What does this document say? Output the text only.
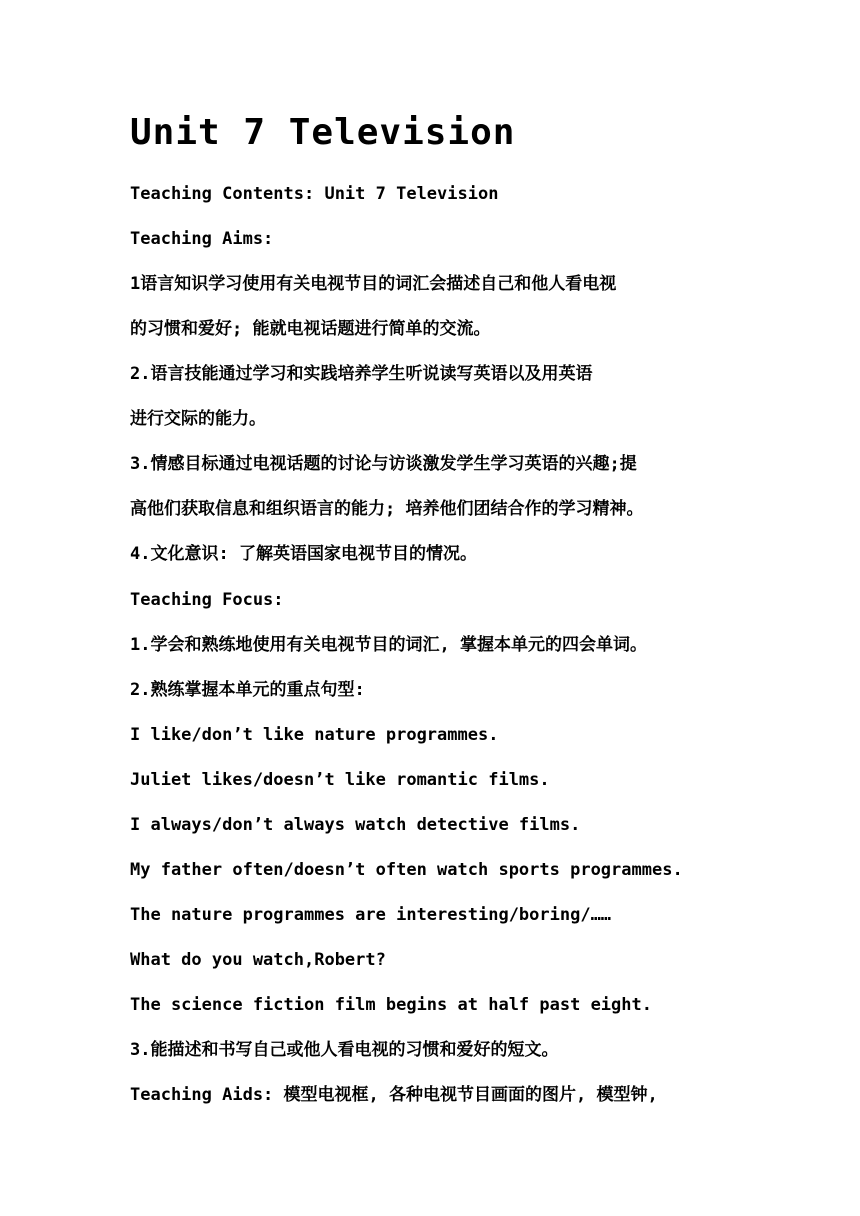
Unit 7 Television

Teaching Contents: Unit 7 Television

Teaching Aims:

1语言知识学习使用有关电视节目的词汇会描述自己和他人看电视

的习惯和爱好; 能就电视话题进行简单的交流。

2.语言技能通过学习和实践培养学生听说读写英语以及用英语

进行交际的能力。

3.情感目标通过电视话题的讨论与访谈激发学生学习英语的兴趣;提

高他们获取信息和组织语言的能力; 培养他们团结合作的学习精神。

4.文化意识: 了解英语国家电视节目的情况。

Teaching Focus:

1.学会和熟练地使用有关电视节目的词汇, 掌握本单元的四会单词。

2.熟练掌握本单元的重点句型:

I like/don’t like nature programmes.

Juliet likes/doesn’t like romantic films.

I always/don’t always watch detective films.

My father often/doesn’t often watch sports programmes.

The nature programmes are interesting/boring/……

What do you watch,Robert?

The science fiction film begins at half past eight.

3.能描述和书写自己或他人看电视的习惯和爱好的短文。

Teaching Aids: 模型电视框, 各种电视节目画面的图片, 模型钟,
